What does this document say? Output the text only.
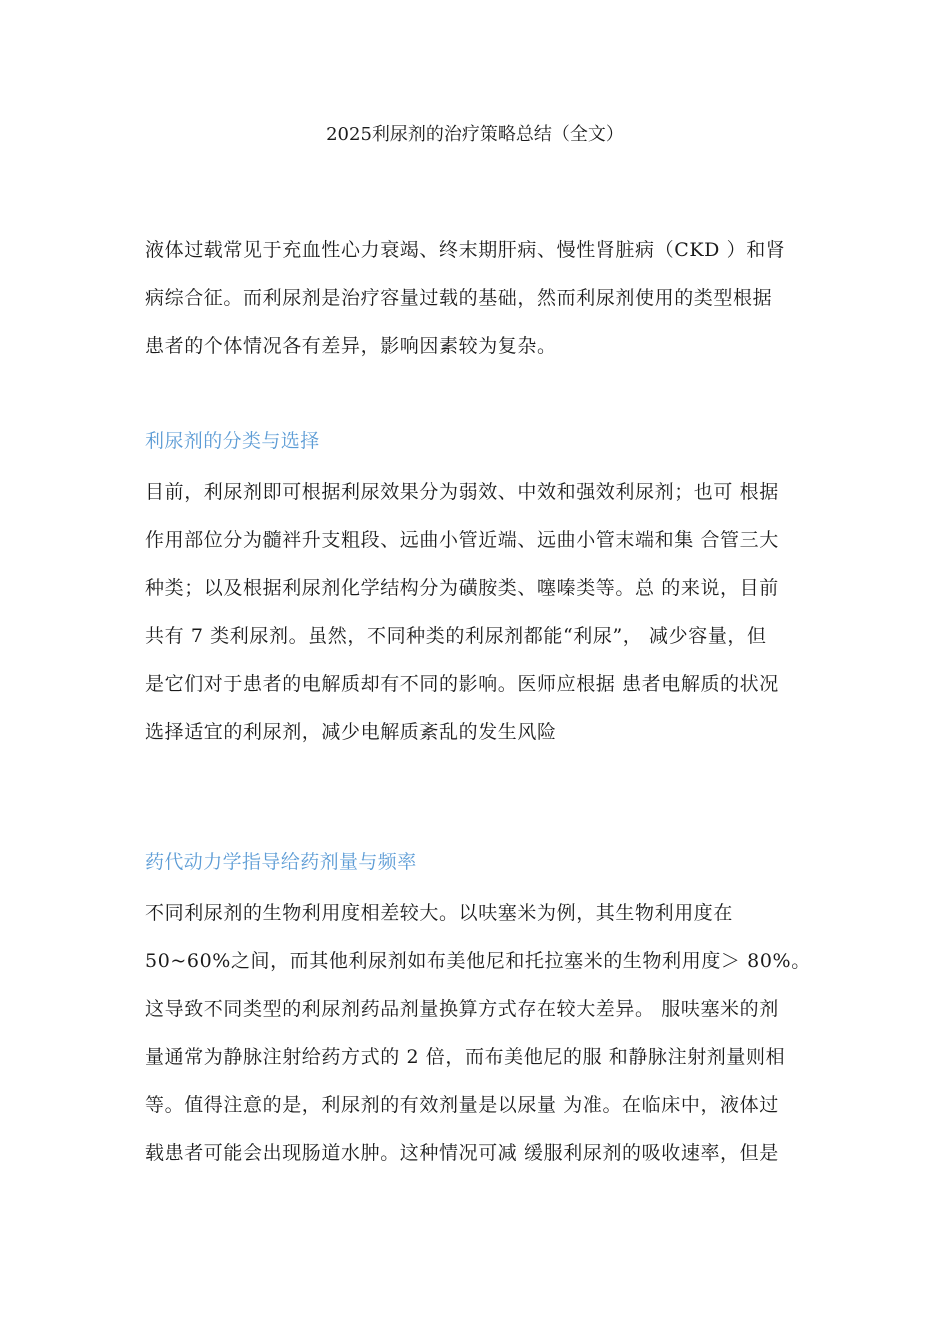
2025利尿剂的治疗策略总结（全文）
液体过载常见于充血性心力衰竭、终末期肝病、慢性肾脏病（CKD ）和肾
病综合征。而利尿剂是治疗容量过载的基础，然而利尿剂使用的类型根据
患者的个体情况各有差异，影响因素较为复杂。
利尿剂的分类与选择
目前，利尿剂即可根据利尿效果分为弱效、中效和强效利尿剂；也可 根据
作用部位分为髓袢升支粗段、远曲小管近端、远曲小管末端和集 合管三大
种类；以及根据利尿剂化学结构分为磺胺类、噻嗪类等。总 的来说，目前
共有 7 类利尿剂。虽然，不同种类的利尿剂都能“利尿”， 减少容量，但
是它们对于患者的电解质却有不同的影响。医师应根据 患者电解质的状况
选择适宜的利尿剂，减少电解质紊乱的发生风险
药代动力学指导给药剂量与频率
不同利尿剂的生物利用度相差较大。以呋塞米为例，其生物利用度在
50~60%之间，而其他利尿剂如布美他尼和托拉塞米的生物利用度＞ 80%。
这导致不同类型的利尿剂药品剂量换算方式存在较大差异。 服呋塞米的剂
量通常为静脉注射给药方式的 2 倍，而布美他尼的服 和静脉注射剂量则相
等。值得注意的是，利尿剂的有效剂量是以尿量 为准。在临床中，液体过
载患者可能会出现肠道水肿。这种情况可减 缓服利尿剂的吸收速率，但是
